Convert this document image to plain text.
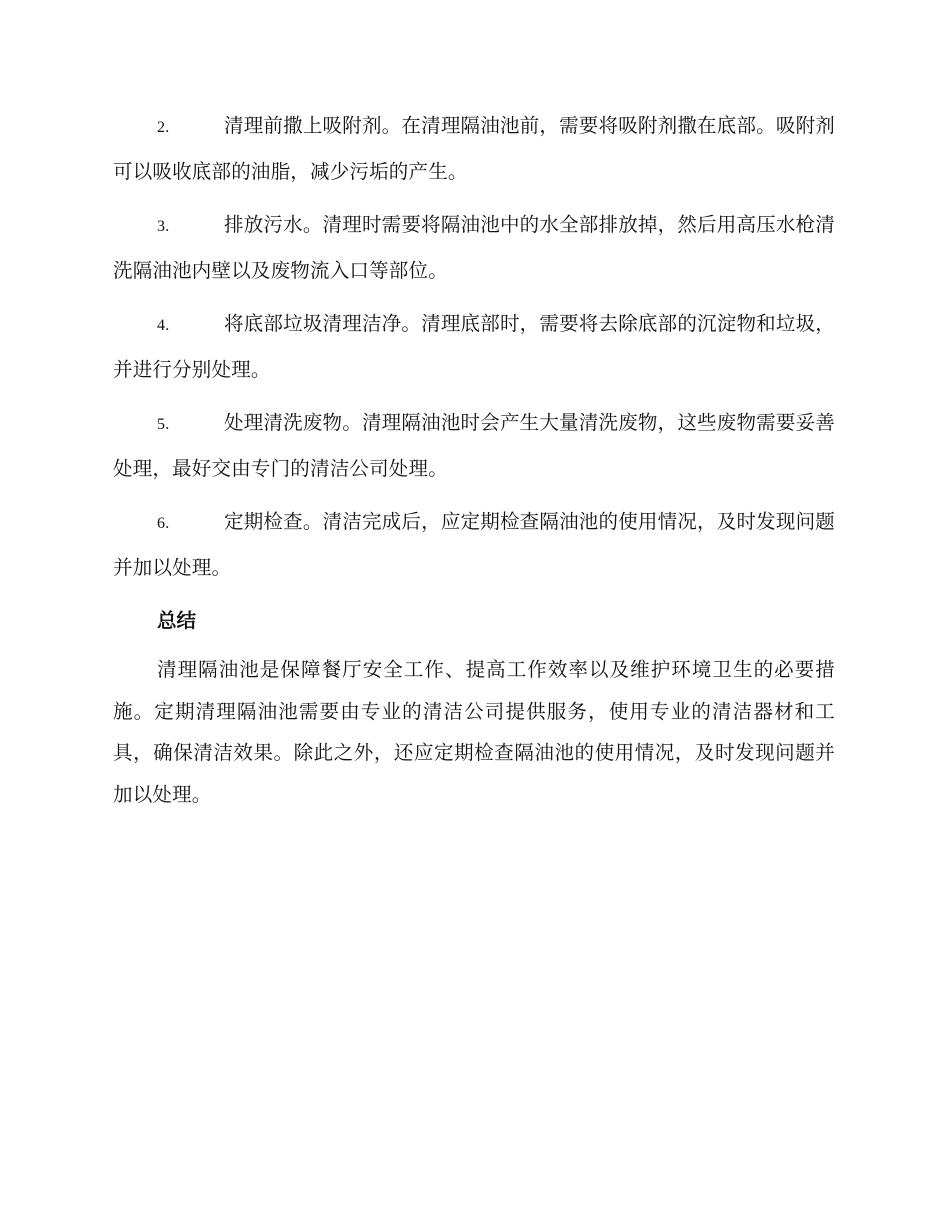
2.	清理前撒上吸附剂。在清理隔油池前，需要将吸附剂撒在底部。吸附剂可以吸收底部的油脂，减少污垢的产生。

3.	排放污水。清理时需要将隔油池中的水全部排放掉，然后用高压水枪清洗隔油池内壁以及废物流入口等部位。

4.	将底部垃圾清理洁净。清理底部时，需要将去除底部的沉淀物和垃圾，并进行分别处理。

5.	处理清洗废物。清理隔油池时会产生大量清洗废物，这些废物需要妥善处理，最好交由专门的清洁公司处理。

6.	定期检查。清洁完成后，应定期检查隔油池的使用情况，及时发现问题并加以处理。

总结

清理隔油池是保障餐厅安全工作、提高工作效率以及维护环境卫生的必要措施。定期清理隔油池需要由专业的清洁公司提供服务，使用专业的清洁器材和工具，确保清洁效果。除此之外，还应定期检查隔油池的使用情况，及时发现问题并加以处理。
